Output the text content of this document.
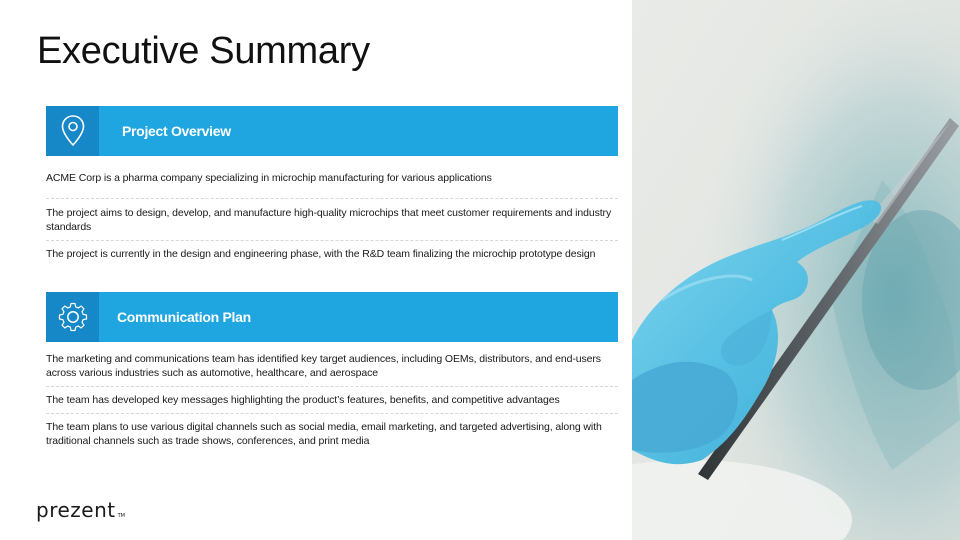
Executive Summary
Project Overview

ACME Corp is a pharma company specializing in microchip manufacturing for various applications

The project aims to design, develop, and manufacture high-quality microchips that meet customer requirements and industry standards

The project is currently in the design and engineering phase, with the R&D team finalizing the microchip prototype design

Communication Plan

The marketing and communications team has identified key target audiences, including OEMs, distributors, and end-users across various industries such as automotive, healthcare, and aerospace

The team has developed key messages highlighting the product’s features, benefits, and competitive advantages

The team plans to use various digital channels such as social media, email marketing, and targeted advertising, along with traditional channels such as trade shows, conferences, and print media

prezent TM
